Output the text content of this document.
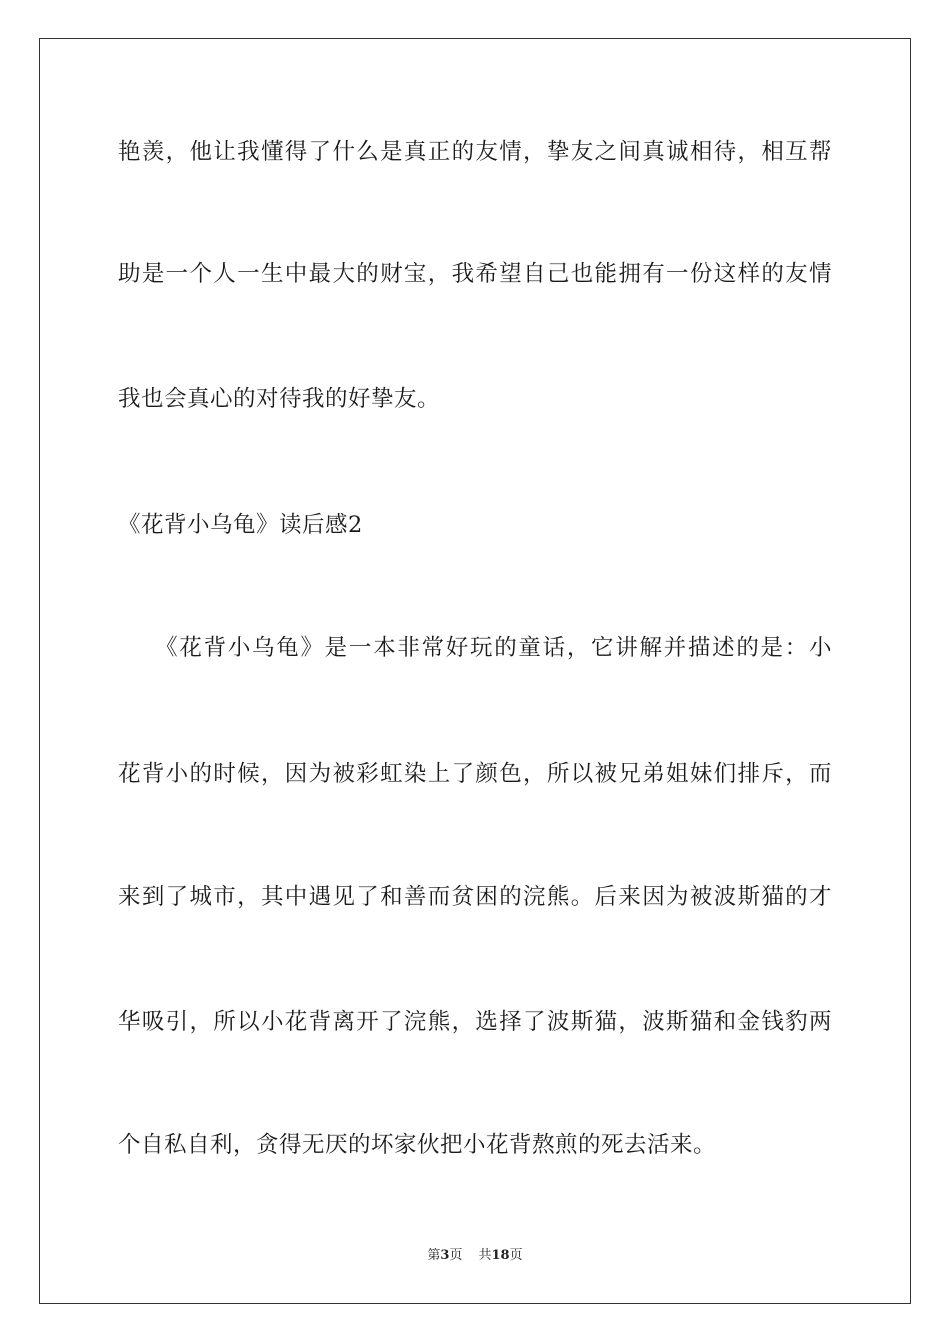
艳羡，他让我懂得了什么是真正的友情，挚友之间真诚相待，相互帮
助是一个人一生中最大的财宝，我希望自己也能拥有一份这样的友情
我也会真心的对待我的好挚友。
《花背小乌龟》读后感2
　　《花背小乌龟》是一本非常好玩的童话，它讲解并描述的是：小
花背小的时候，因为被彩虹染上了颜色，所以被兄弟姐妹们排斥，而
来到了城市，其中遇见了和善而贫困的浣熊。后来因为被波斯猫的才
华吸引，所以小花背离开了浣熊，选择了波斯猫，波斯猫和金钱豹两
个自私自利，贪得无厌的坏家伙把小花背熬煎的死去活来。
第3页 共18页
